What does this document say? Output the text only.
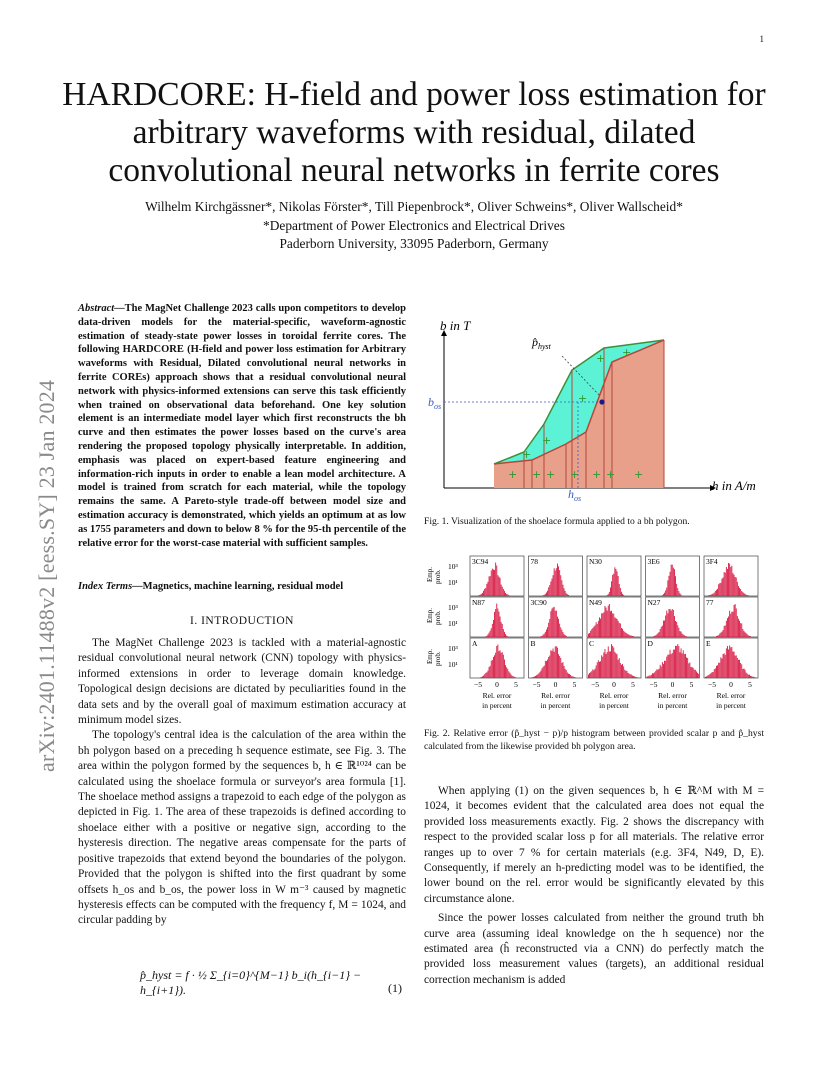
1
HARDCORE: H-field and power loss estimation for arbitrary waveforms with residual, dilated convolutional neural networks in ferrite cores
Wilhelm Kirchgässner*, Nikolas Förster*, Till Piepenbrock*, Oliver Schweins*, Oliver Wallscheid*
*Department of Power Electronics and Electrical Drives
Paderborn University, 33095 Paderborn, Germany
arXiv:2401.11488v2 [eess.SY] 23 Jan 2024
Abstract—The MagNet Challenge 2023 calls upon competitors to develop data-driven models for the material-specific, waveform-agnostic estimation of steady-state power losses in toroidal ferrite cores. The following HARDCORE (H-field and power loss estimation for Arbitrary waveforms with Residual, Dilated convolutional neural networks in ferrite COREs) approach shows that a residual convolutional neural network with physics-informed extensions can serve this task efficiently when trained on observational data beforehand. One key solution element is an intermediate model layer which first reconstructs the bh curve and then estimates the power losses based on the curve's area rendering the proposed topology physically interpretable. In addition, emphasis was placed on expert-based feature engineering and information-rich inputs in order to enable a lean model architecture. A model is trained from scratch for each material, while the topology remains the same. A Pareto-style trade-off between model size and estimation accuracy is demonstrated, which yields an optimum at as low as 1755 parameters and down to below 8 % for the 95-th percentile of the relative error for the worst-case material with sufficient samples.
Index Terms—Magnetics, machine learning, residual model
I. INTRODUCTION

The MagNet Challenge 2023 is tackled with a material-agnostic residual convolutional neural network (CNN) topology with physics-informed extensions in order to leverage domain knowledge. Topological design decisions are dictated by peculiarities found in the data sets and by the overall goal of maximum estimation accuracy at minimum model sizes.

The topology's central idea is the calculation of the area within the bh polygon based on a preceding h sequence estimate, see Fig. 3. The area within the polygon formed by the sequences b, h ∈ ℝ¹⁰²⁴ can be calculated using the shoelace formula or surveyor's area formula [1]. The shoelace method assigns a trapezoid to each edge of the polygon as depicted in Fig. 1. The area of these trapezoids is defined according to shoelace either with a positive or negative sign, according to the hysteresis direction. The negative areas compensate for the parts of positive trapezoids that extend beyond the boundaries of the polygon. Provided that the polygon is shifted into the first quadrant by some offsets h_os and b_os, the power loss in W m⁻³ caused by magnetic hysteresis effects can be computed with the frequency f, M = 1024, and circular padding by

p̂_hyst = f · ½ Σ_{i=0}^{M−1} b_i(h_{i−1} − h_{i+1}).	(1)
+ + + + + + +
+
+
+
+ +
b in T
h in A/m
$b_{os}$
$h_{os}$
$p̂_{hyst}$
Fig. 1. Visualization of the shoelace formula applied to a bh polygon.
Emp. prob.
10³
10¹
3C94	78	N30	3E6	3F4
Emp. prob.
10³
10¹
N87	3C90	N49	N27	77
Emp. prob.
10³
10¹
A	B	C	D	E
−5 0 5
Rel. error
in percent
−5 0 5
Rel. error
in percent
−5 0 5
Rel. error
in percent
−5 0 5
Rel. error
in percent
−5 0 5
Rel. error
in percent
Fig. 2. Relative error (p̂_hyst − p)/p histogram between provided scalar p and p̂_hyst calculated from the likewise provided bh polygon area.

When applying (1) on the given sequences b, h ∈ ℝ^M with M = 1024, it becomes evident that the calculated area does not equal the provided loss measurements exactly. Fig. 2 shows the discrepancy with respect to the provided scalar loss p for all materials. The relative error ranges up to over 7 % for certain materials (e.g. 3F4, N49, D, E). Consequently, if merely an h-predicting model was to be identified, the lower bound on the rel. error would be significantly elevated by this circumstance alone.

Since the power losses calculated from neither the ground truth bh curve area (assuming ideal knowledge on the h sequence) nor the estimated area (ĥ reconstructed via a CNN) do perfectly match the provided loss measurement values (targets), an additional residual correction mechanism is added
